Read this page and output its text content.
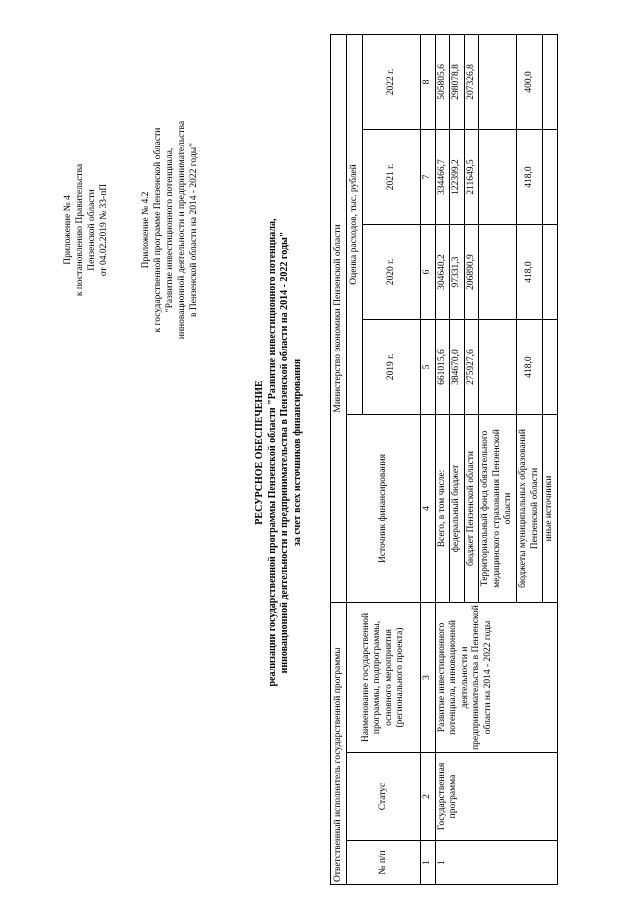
Приложение № 4 к постановлению Правительства Пензенской области от 04.02.2019 № 33-пП	Приложение № 4.2 к государственной программе Пензенской области "Развитие инвестиционного потенциала, инновационной деятельности и предпринимательства в Пензенской области на 2014 - 2022 годы"
РЕСУРСНОЕ ОБЕСПЕЧЕНИЕ реализации государственной программы Пензенской области "Развитие инвестиционного потенциала, инновационной деятельности и предпринимательства в Пензенской области на 2014 - 2022 годы" за счет всех источников финансирования
Ответственный исполнитель государственной программы			Министерство экономики Пензенской области				
№ п/п	Статус	Наименование государственной программы, подпрограммы, основного мероприятия (регионального проекта)	Источник финансирования	Оценка расходов, тыс. рублей			
				2019 г.	2020 г.	2021 г.	2022 г.
1	2	3	4	5	6	7	8
1	Государственная программа	Развитие инвестиционного потенциала, инновационной деятельности и предпринимательства в Пензенской области на 2014 - 2022 годы	Всего, в том числе:	661015,6	304640,2	334466,7	505805,6
			федеральный бюджет	384670,0	97331,3	122399,2	298078,8
			бюджет Пензенской области	275927,6	206890,9	211649,5	207326,8
			Территориальный фонд обязательного медицинского страхования Пензенской области				
			бюджеты муниципальных образований Пензенской области	418,0	418,0	418,0	400,0
			иные источники				
